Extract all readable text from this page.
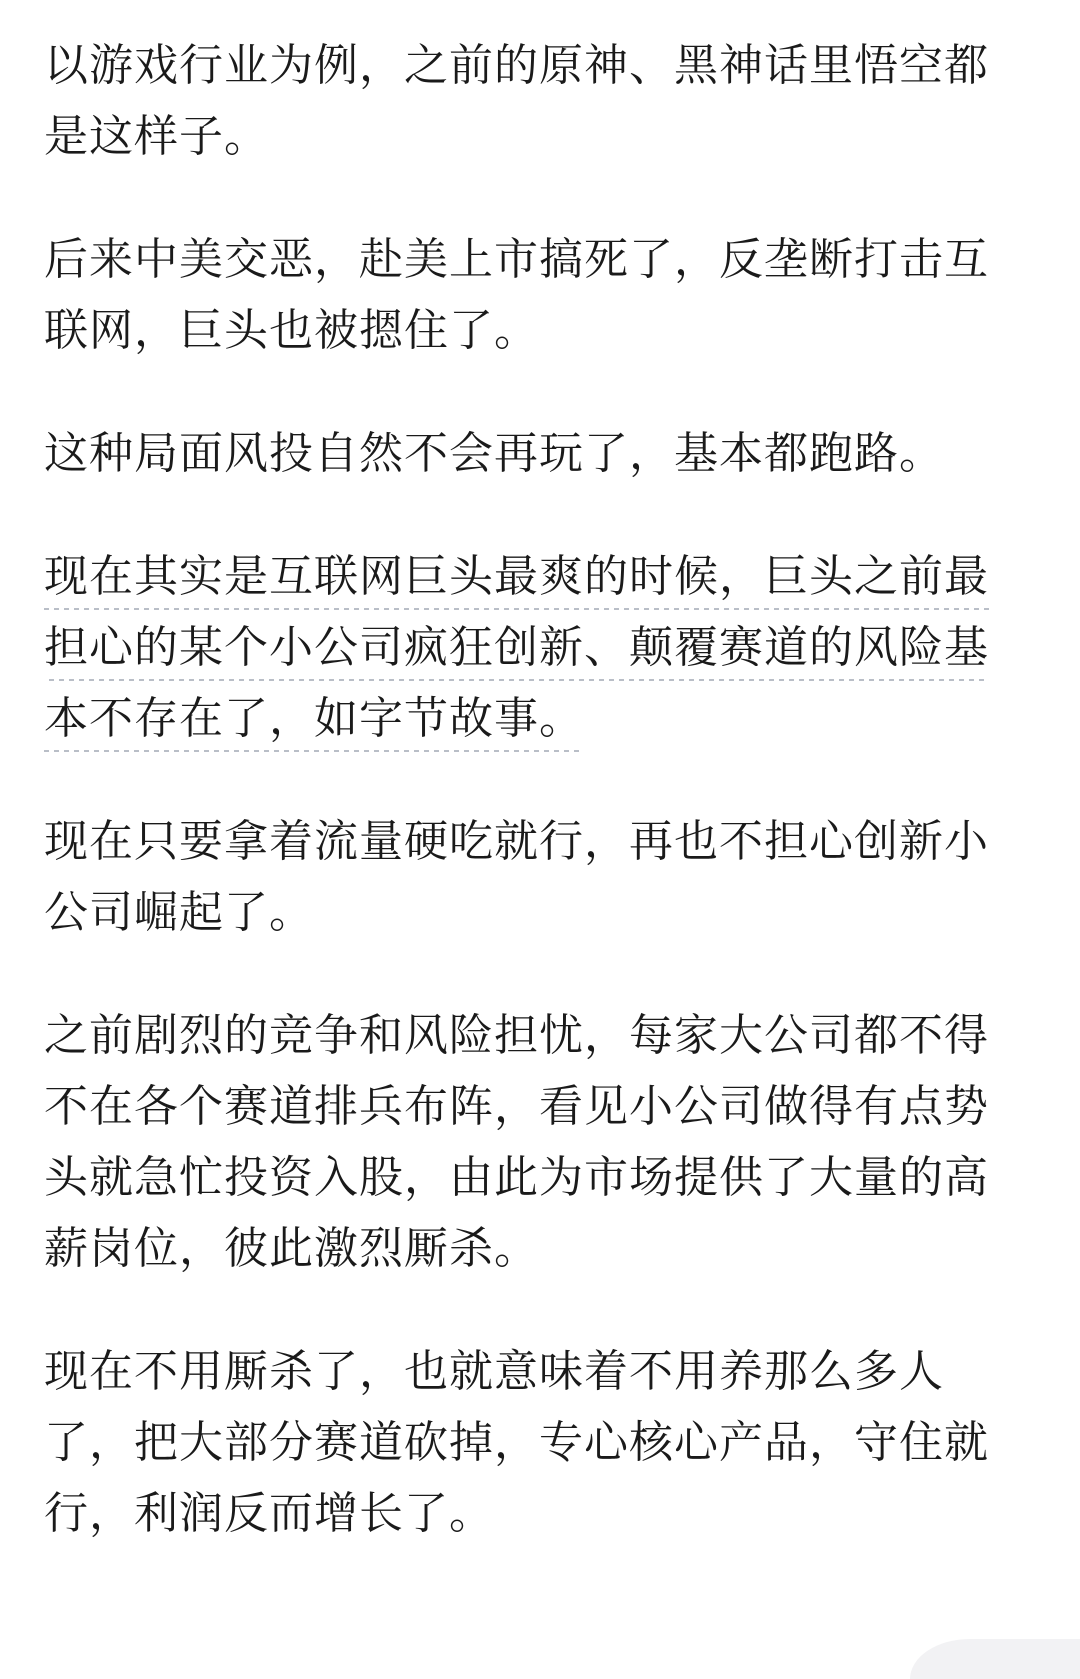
以游戏行业为例，之前的原神、黑神话里悟空都是这样子。

后来中美交恶，赴美上市搞死了，反垄断打击互联网，巨头也被摁住了。

这种局面风投自然不会再玩了，基本都跑路。

现在其实是互联网巨头最爽的时候，巨头之前最担心的某个小公司疯狂创新、颠覆赛道的风险基本不存在了，如字节故事。

现在只要拿着流量硬吃就行，再也不担心创新小公司崛起了。

之前剧烈的竞争和风险担忧，每家大公司都不得不在各个赛道排兵布阵，看见小公司做得有点势头就急忙投资入股，由此为市场提供了大量的高薪岗位，彼此激烈厮杀。

现在不用厮杀了，也就意味着不用养那么多人了，把大部分赛道砍掉，专心核心产品，守住就行，利润反而增长了。
